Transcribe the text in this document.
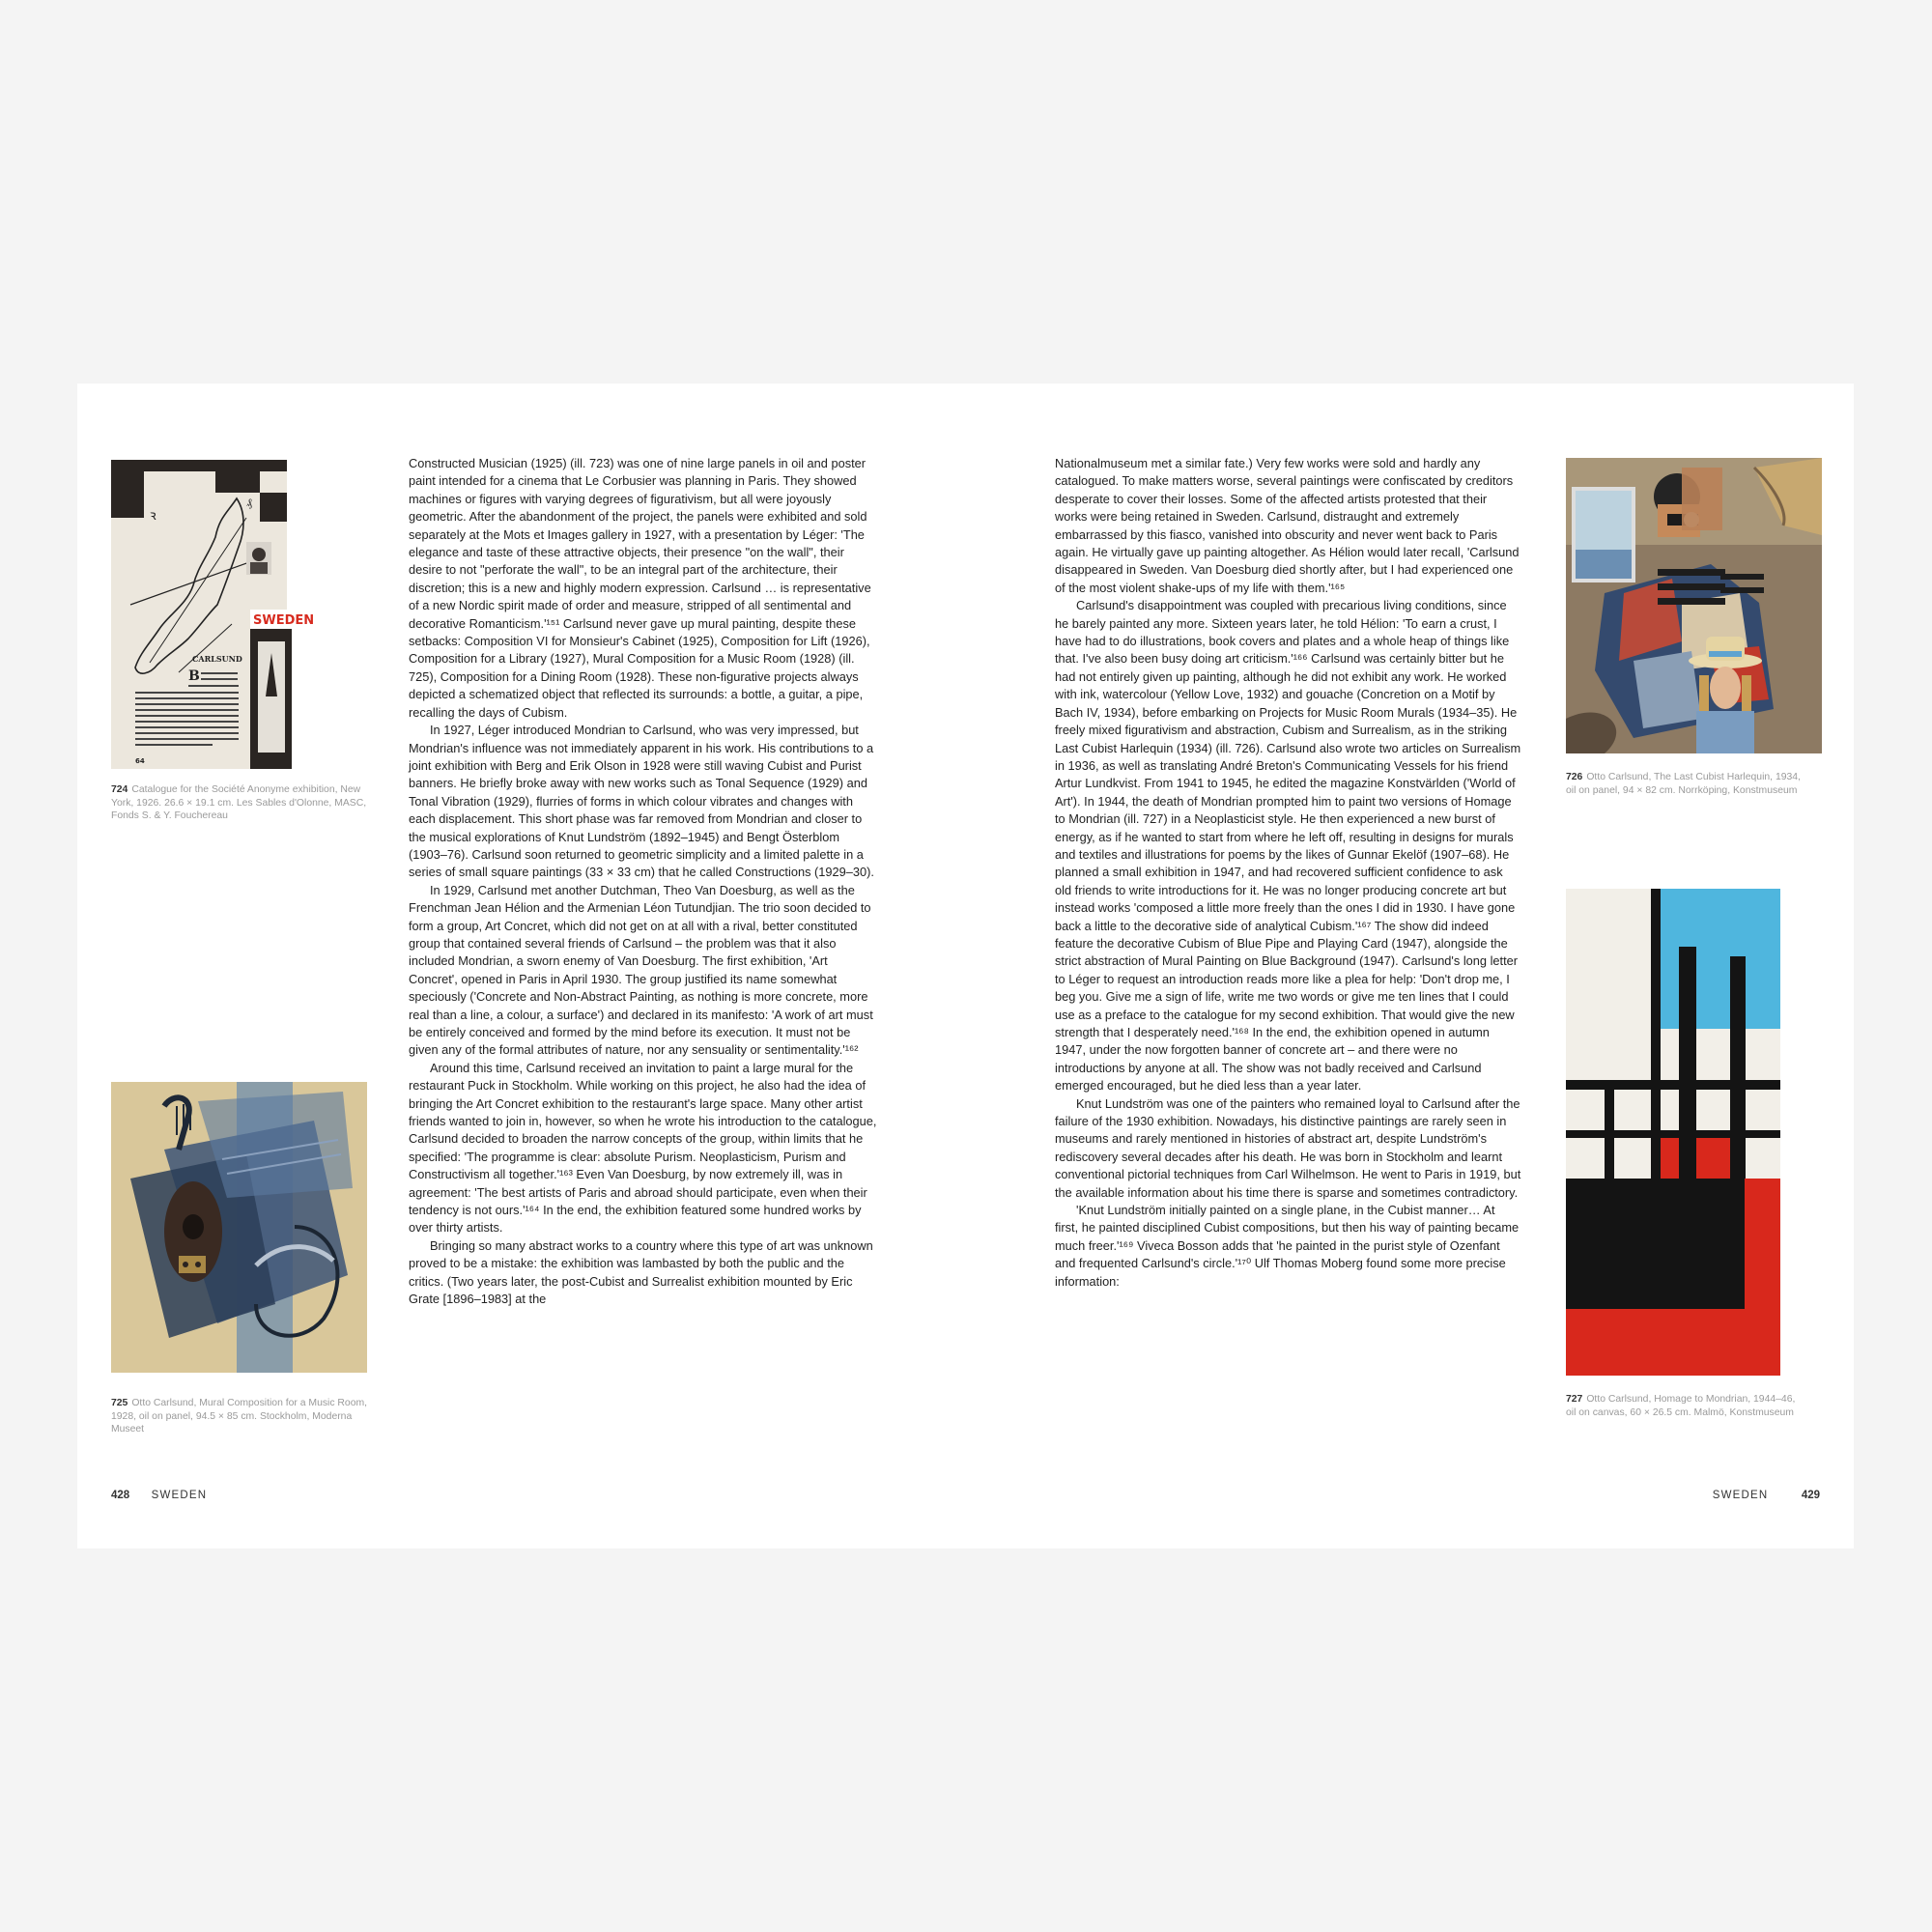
ꝛ
₰
SWEDEN
CARLSUND
B
64
724 Catalogue for the Société Anonyme exhibition, New York, 1926. 26.6 × 19.1 cm. Les Sables d'Olonne, MASC, Fonds S. & Y. Fouchereau
725 Otto Carlsund, Mural Composition for a Music Room, 1928, oil on panel, 94.5 × 85 cm. Stockholm, Moderna Museet

Constructed Musician (1925) (ill. 723) was one of nine large panels in oil and poster paint intended for a cinema that Le Corbusier was planning in Paris. They showed machines or figures with varying degrees of figurativism, but all were joyously geometric. After the abandonment of the project, the panels were exhibited and sold separately at the Mots et Images gallery in 1927, with a presentation by Léger: 'The elegance and taste of these attractive objects, their presence "on the wall", their desire to not "perforate the wall", to be an integral part of the architecture, their discretion; this is a new and highly modern expression. Carlsund … is representative of a new Nordic spirit made of order and measure, stripped of all sentimental and decorative Romanticism.'¹⁵¹ Carlsund never gave up mural painting, despite these setbacks: Composition VI for Monsieur's Cabinet (1925), Composition for Lift (1926), Composition for a Library (1927), Mural Composition for a Music Room (1928) (ill. 725), Composition for a Dining Room (1928). These non-figurative projects always depicted a schematized object that reflected its surrounds: a bottle, a guitar, a pipe, recalling the days of Cubism.

In 1927, Léger introduced Mondrian to Carlsund, who was very impressed, but Mondrian's influence was not immediately apparent in his work. His contributions to a joint exhibition with Berg and Erik Olson in 1928 were still waving Cubist and Purist banners. He briefly broke away with new works such as Tonal Sequence (1929) and Tonal Vibration (1929), flurries of forms in which colour vibrates and changes with each displacement. This short phase was far removed from Mondrian and closer to the musical explorations of Knut Lundström (1892–1945) and Bengt Österblom (1903–76). Carlsund soon returned to geometric simplicity and a limited palette in a series of small square paintings (33 × 33 cm) that he called Constructions (1929–30).

In 1929, Carlsund met another Dutchman, Theo Van Doesburg, as well as the Frenchman Jean Hélion and the Armenian Léon Tutundjian. The trio soon decided to form a group, Art Concret, which did not get on at all with a rival, better constituted group that contained several friends of Carlsund – the problem was that it also included Mondrian, a sworn enemy of Van Doesburg. The first exhibition, 'Art Concret', opened in Paris in April 1930. The group justified its name somewhat speciously ('Concrete and Non-Abstract Painting, as nothing is more concrete, more real than a line, a colour, a surface') and declared in its manifesto: 'A work of art must be entirely conceived and formed by the mind before its execution. It must not be given any of the formal attributes of nature, nor any sensuality or sentimentality.'¹⁶²

Around this time, Carlsund received an invitation to paint a large mural for the restaurant Puck in Stockholm. While working on this project, he also had the idea of bringing the Art Concret exhibition to the restaurant's large space. Many other artist friends wanted to join in, however, so when he wrote his introduction to the catalogue, Carlsund decided to broaden the narrow concepts of the group, within limits that he specified: 'The programme is clear: absolute Purism. Neoplasticism, Purism and Constructivism all together.'¹⁶³ Even Van Doesburg, by now extremely ill, was in agreement: 'The best artists of Paris and abroad should participate, even when their tendency is not ours.'¹⁶⁴ In the end, the exhibition featured some hundred works by over thirty artists.

Bringing so many abstract works to a country where this type of art was unknown proved to be a mistake: the exhibition was lambasted by both the public and the critics. (Two years later, the post-Cubist and Surrealist exhibition mounted by Eric Grate [1896–1983] at the

428 SWEDEN

Nationalmuseum met a similar fate.) Very few works were sold and hardly any catalogued. To make matters worse, several paintings were confiscated by creditors desperate to cover their losses. Some of the affected artists protested that their works were being retained in Sweden. Carlsund, distraught and extremely embarrassed by this fiasco, vanished into obscurity and never went back to Paris again. He virtually gave up painting altogether. As Hélion would later recall, 'Carlsund disappeared in Sweden. Van Doesburg died shortly after, but I had experienced one of the most violent shake-ups of my life with them.'¹⁶⁵

Carlsund's disappointment was coupled with precarious living conditions, since he barely painted any more. Sixteen years later, he told Hélion: 'To earn a crust, I have had to do illustrations, book covers and plates and a whole heap of things like that. I've also been busy doing art criticism.'¹⁶⁶ Carlsund was certainly bitter but he had not entirely given up painting, although he did not exhibit any work. He worked with ink, watercolour (Yellow Love, 1932) and gouache (Concretion on a Motif by Bach IV, 1934), before embarking on Projects for Music Room Murals (1934–35). He freely mixed figurativism and abstraction, Cubism and Surrealism, as in the striking Last Cubist Harlequin (1934) (ill. 726). Carlsund also wrote two articles on Surrealism in 1936, as well as translating André Breton's Communicating Vessels for his friend Artur Lundkvist. From 1941 to 1945, he edited the magazine Konstvärlden ('World of Art'). In 1944, the death of Mondrian prompted him to paint two versions of Homage to Mondrian (ill. 727) in a Neoplasticist style. He then experienced a new burst of energy, as if he wanted to start from where he left off, resulting in designs for murals and textiles and illustrations for poems by the likes of Gunnar Ekelöf (1907–68). He planned a small exhibition in 1947, and had recovered sufficient confidence to ask old friends to write introductions for it. He was no longer producing concrete art but instead works 'composed a little more freely than the ones I did in 1930. I have gone back a little to the decorative side of analytical Cubism.'¹⁶⁷ The show did indeed feature the decorative Cubism of Blue Pipe and Playing Card (1947), alongside the strict abstraction of Mural Painting on Blue Background (1947). Carlsund's long letter to Léger to request an introduction reads more like a plea for help: 'Don't drop me, I beg you. Give me a sign of life, write me two words or give me ten lines that I could use as a preface to the catalogue for my second exhibition. That would give the new strength that I desperately need.'¹⁶⁸ In the end, the exhibition opened in autumn 1947, under the now forgotten banner of concrete art – and there were no introductions by anyone at all. The show was not badly received and Carlsund emerged encouraged, but he died less than a year later.

Knut Lundström was one of the painters who remained loyal to Carlsund after the failure of the 1930 exhibition. Nowadays, his distinctive paintings are rarely seen in museums and rarely mentioned in histories of abstract art, despite Lundström's rediscovery several decades after his death. He was born in Stockholm and learnt conventional pictorial techniques from Carl Wilhelmson. He went to Paris in 1919, but the available information about his time there is sparse and sometimes contradictory.

'Knut Lundström initially painted on a single plane, in the Cubist manner… At first, he painted disciplined Cubist compositions, but then his way of painting became much freer.'¹⁶⁹ Viveca Bosson adds that 'he painted in the purist style of Ozenfant and frequented Carlsund's circle.'¹⁷⁰ Ulf Thomas Moberg found some more precise information:

726 Otto Carlsund, The Last Cubist Harlequin, 1934, oil on panel, 94 × 82 cm. Norrköping, Konstmuseum
727 Otto Carlsund, Homage to Mondrian, 1944–46, oil on canvas, 60 × 26.5 cm. Malmö, Konstmuseum
SWEDEN	429
